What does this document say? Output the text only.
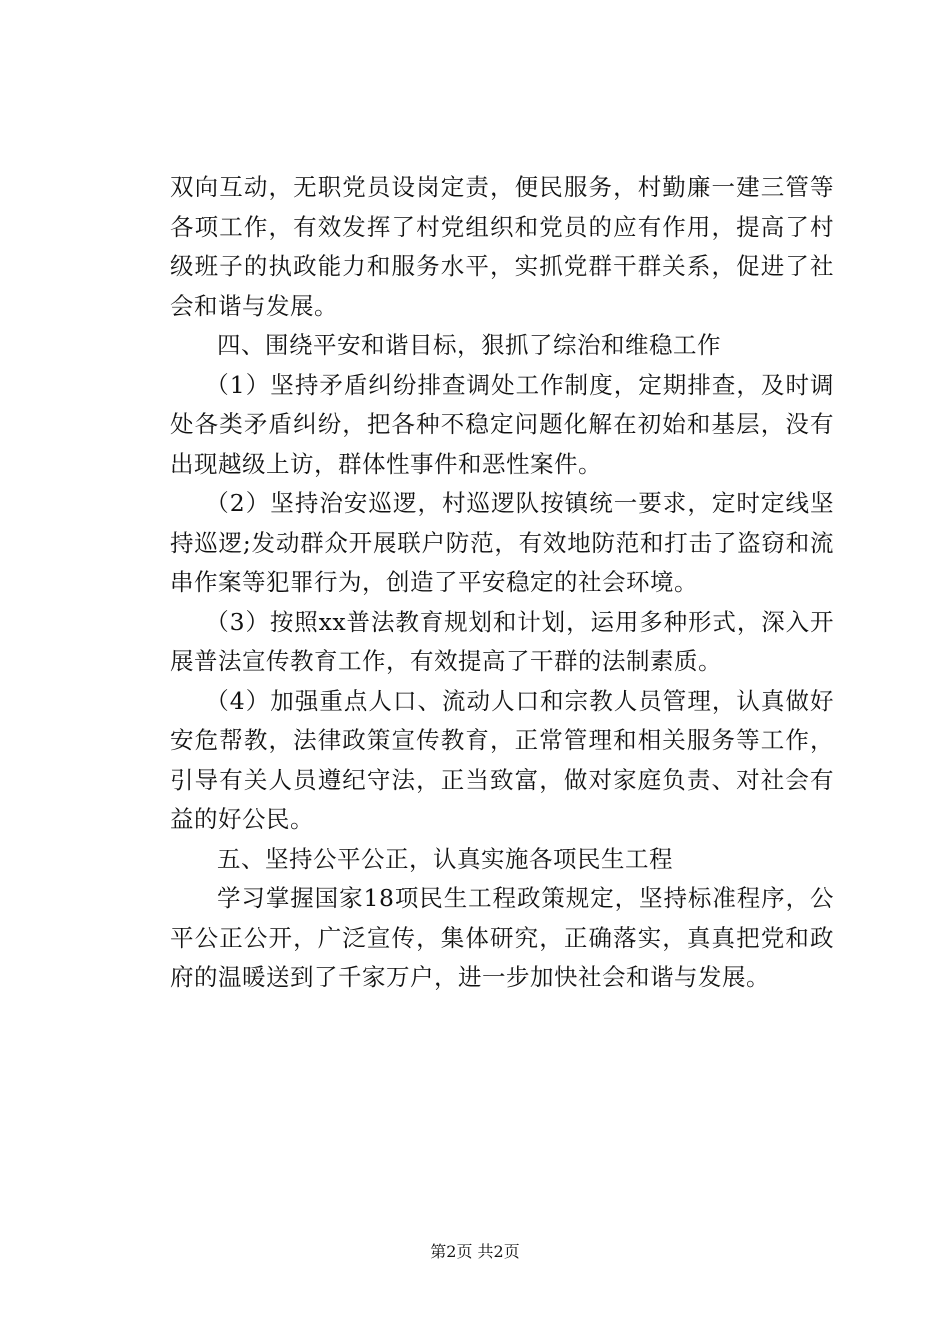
双向互动，无职党员设岗定责，便民服务，村勤廉一建三管等各项工作，有效发挥了村党组织和党员的应有作用，提高了村级班子的执政能力和服务水平，实抓党群干群关系，促进了社会和谐与发展。

四、围绕平安和谐目标，狠抓了综治和维稳工作

（1）坚持矛盾纠纷排查调处工作制度，定期排查，及时调处各类矛盾纠纷，把各种不稳定问题化解在初始和基层，没有出现越级上访，群体性事件和恶性案件。

（2）坚持治安巡逻，村巡逻队按镇统一要求，定时定线坚持巡逻;发动群众开展联户防范，有效地防范和打击了盗窃和流串作案等犯罪行为，创造了平安稳定的社会环境。

（3）按照xx普法教育规划和计划，运用多种形式，深入开展普法宣传教育工作，有效提高了干群的法制素质。

（4）加强重点人口、流动人口和宗教人员管理，认真做好安危帮教，法律政策宣传教育，正常管理和相关服务等工作，引导有关人员遵纪守法，正当致富，做对家庭负责、对社会有益的好公民。

五、坚持公平公正，认真实施各项民生工程

学习掌握国家18项民生工程政策规定，坚持标准程序，公平公正公开，广泛宣传，集体研究，正确落实，真真把党和政府的温暖送到了千家万户，进一步加快社会和谐与发展。

第2页 共2页
